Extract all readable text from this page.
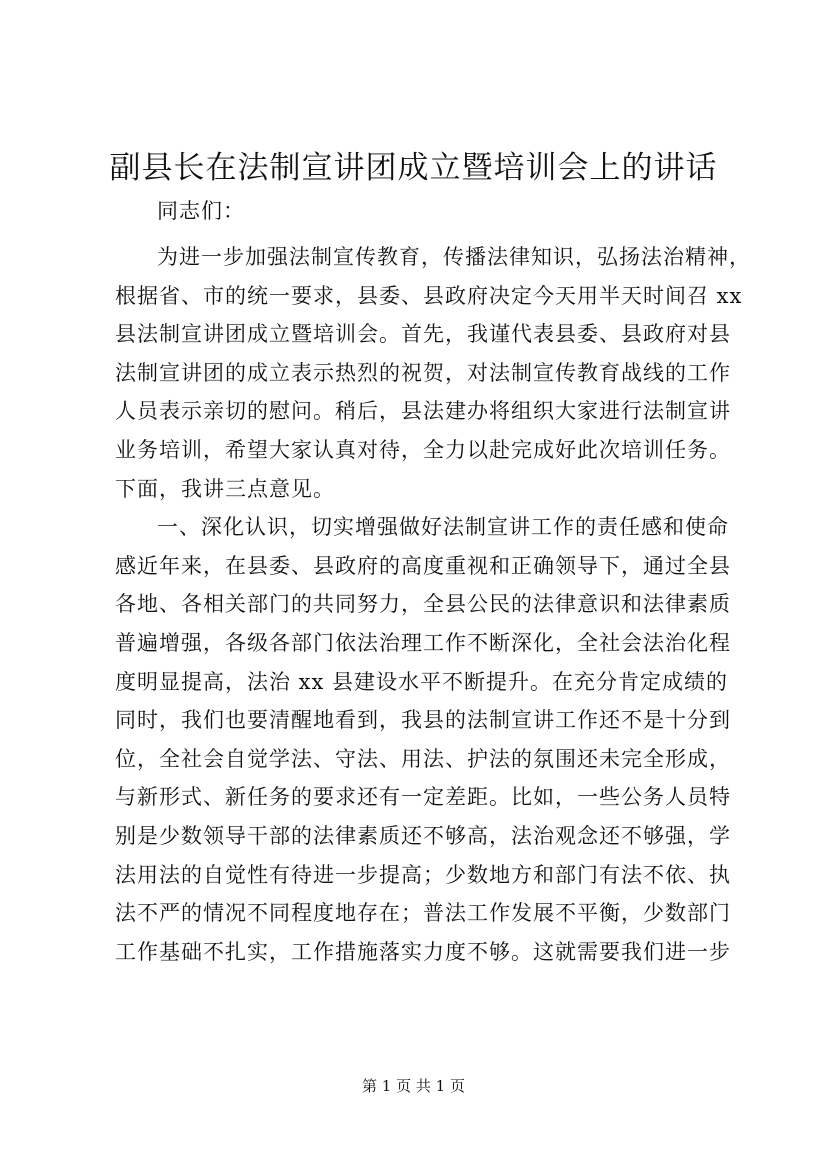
副县长在法制宣讲团成立暨培训会上的讲话
同志们：
为进一步加强法制宣传教育，传播法律知识，弘扬法治精神，
根据省、市的统一要求，县委、县政府决定今天用半天时间召 xx
县法制宣讲团成立暨培训会。首先，我谨代表县委、县政府对县
法制宣讲团的成立表示热烈的祝贺，对法制宣传教育战线的工作
人员表示亲切的慰问。稍后，县法建办将组织大家进行法制宣讲
业务培训，希望大家认真对待，全力以赴完成好此次培训任务。
下面，我讲三点意见。
一、深化认识，切实增强做好法制宣讲工作的责任感和使命
感近年来，在县委、县政府的高度重视和正确领导下，通过全县
各地、各相关部门的共同努力，全县公民的法律意识和法律素质
普遍增强，各级各部门依法治理工作不断深化，全社会法治化程
度明显提高，法治 xx 县建设水平不断提升。在充分肯定成绩的
同时，我们也要清醒地看到，我县的法制宣讲工作还不是十分到
位，全社会自觉学法、守法、用法、护法的氛围还未完全形成，
与新形式、新任务的要求还有一定差距。比如，一些公务人员特
别是少数领导干部的法律素质还不够高，法治观念还不够强，学
法用法的自觉性有待进一步提高；少数地方和部门有法不依、执
法不严的情况不同程度地存在；普法工作发展不平衡，少数部门
工作基础不扎实，工作措施落实力度不够。这就需要我们进一步
第 1 页 共 1 页
